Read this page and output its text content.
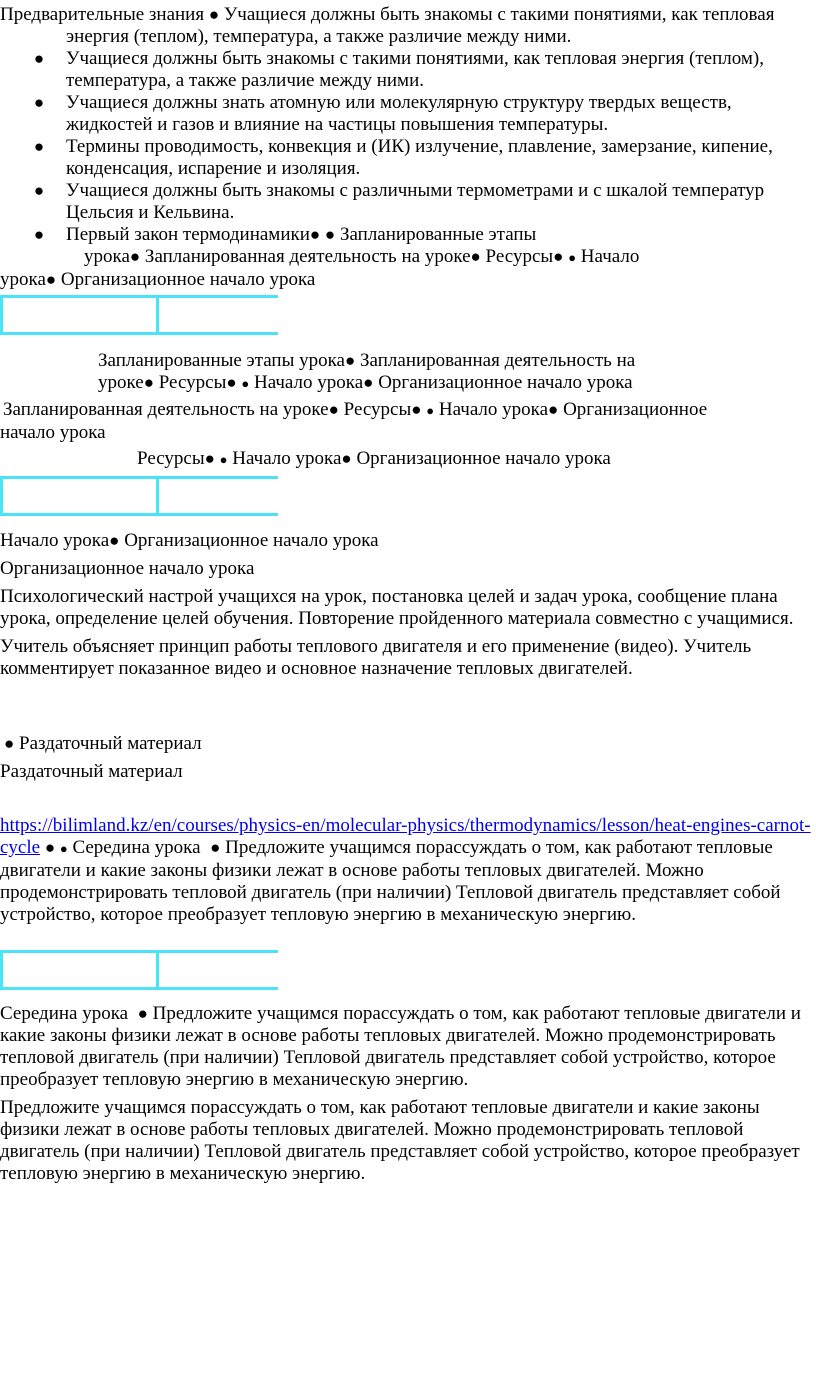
Предварительные знания ● Учащиеся должны быть знакомы с такими понятиями, как тепловая энергия (теплом), температура, а также различие между ними.

● Учащиеся должны быть знакомы с такими понятиями, как тепловая энергия (теплом), температура, а также различие между ними.
● Учащиеся должны знать атомную или молекулярную структуру твердых веществ, жидкостей и газов и влияние на частицы повышения температуры.
● Термины проводимость, конвекция и (ИК) излучение, плавление, замерзание, кипение, конденсация, испарение и изоляция.
● Учащиеся должны быть знакомы с различными термометрами и с шкалой температур Цельсия и Кельвина.
● Первый закон термодинамики● ● Запланированные этапы

урока● Запланированная деятельность на уроке● Ресурсы● ● Начало

урока● Организационное начало урока

Запланированные этапы урока● Запланированная деятельность на

уроке● Ресурсы● ● Начало урока● Организационное начало урока

Запланированная деятельность на уроке● Ресурсы● ● Начало урока● Организационное

начало урока

Ресурсы● ● Начало урока● Организационное начало урока

Начало урока● Организационное начало урока

Организационное начало урока

Психологический настрой учащихся на урок, постановка целей и задач урока, сообщение плана урока, определение целей обучения. Повторение пройденного материала совместно с учащимися.

Учитель объясняет принцип работы теплового двигателя и его применение (видео). Учитель комментирует показанное видео и основное назначение тепловых двигателей.

● Раздаточный материал

Раздаточный материал

https://bilimland.kz/en/courses/physics-en/molecular-physics/thermodynamics/lesson/heat-engines-carnot-cycle ● ● Середина урока ● Предложите учащимся порассуждать о том, как работают тепловые двигатели и какие законы физики лежат в основе работы тепловых двигателей. Можно продемонстрировать тепловой двигатель (при наличии) Тепловой двигатель представляет собой устройство, которое преобразует тепловую энергию в механическую энергию.

Середина урока ● Предложите учащимся порассуждать о том, как работают тепловые двигатели и какие законы физики лежат в основе работы тепловых двигателей. Можно продемонстрировать тепловой двигатель (при наличии) Тепловой двигатель представляет собой устройство, которое преобразует тепловую энергию в механическую энергию.

Предложите учащимся порассуждать о том, как работают тепловые двигатели и какие законы физики лежат в основе работы тепловых двигателей. Можно продемонстрировать тепловой двигатель (при наличии) Тепловой двигатель представляет собой устройство, которое преобразует тепловую энергию в механическую энергию.
